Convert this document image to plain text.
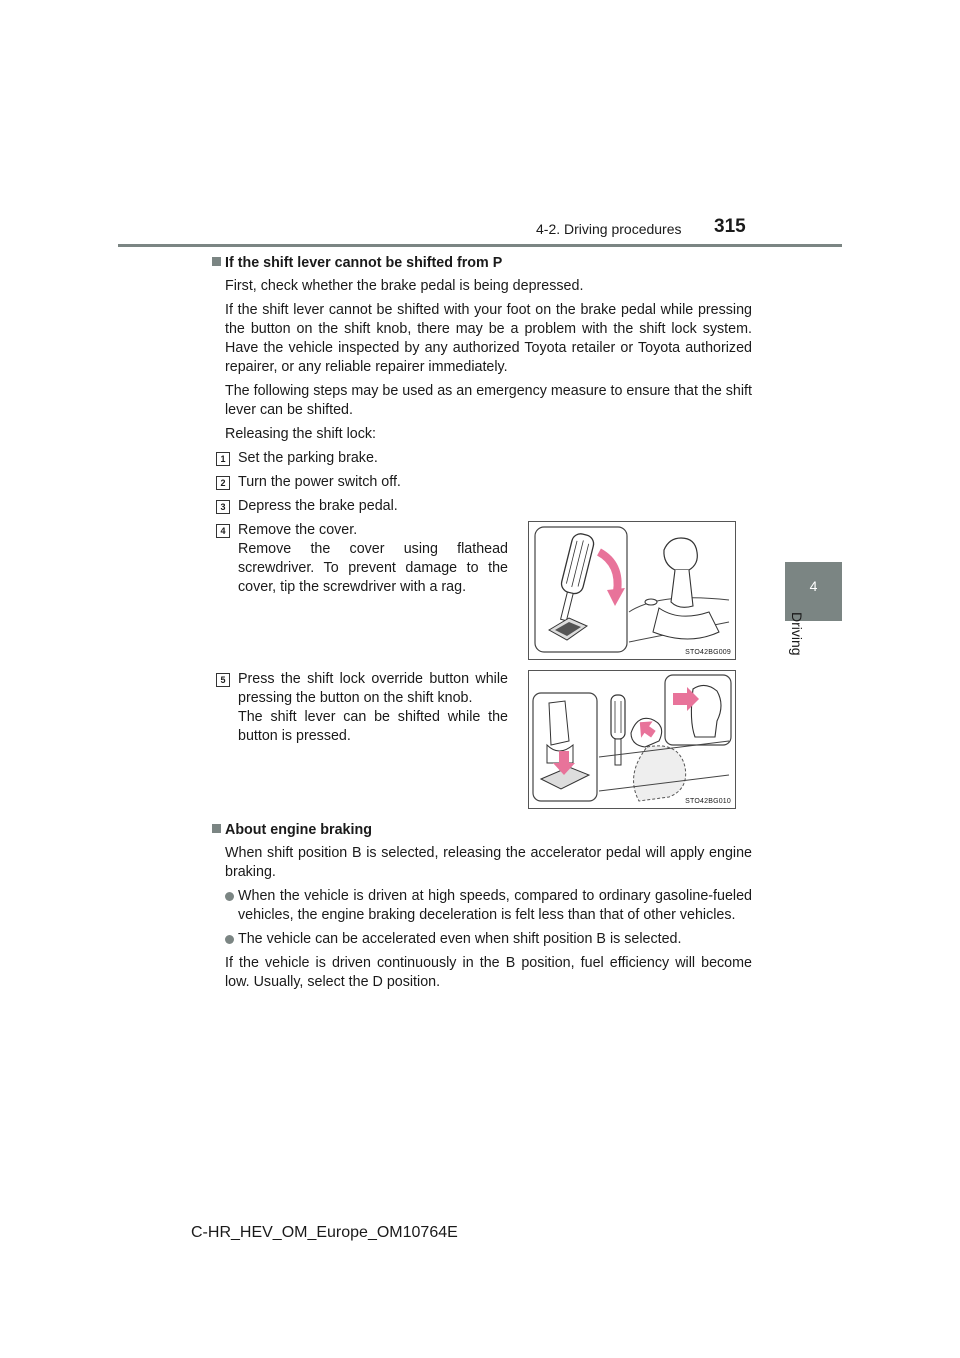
4-2. Driving procedures 315
4
Driving
If the shift lever cannot be shifted from P

First, check whether the brake pedal is being depressed.

If the shift lever cannot be shifted with your foot on the brake pedal while pressing the button on the shift knob, there may be a problem with the shift lock system. Have the vehicle inspected by any authorized Toyota retailer or Toyota authorized repairer, or any reliable repairer immediately.

The following steps may be used as an emergency measure to ensure that the shift lever can be shifted.

Releasing the shift lock:

1 Set the parking brake.
2 Turn the power switch off.
3 Depress the brake pedal.
4 Remove the cover.
Remove the cover using flathead screwdriver. To prevent damage to the cover, tip the screwdriver with a rag.
STO42BG009
5 Press the shift lock override button while pressing the button on the shift knob.
The shift lever can be shifted while the button is pressed.
STO42BG010
About engine braking

When shift position B is selected, releasing the accelerator pedal will apply engine braking.

When the vehicle is driven at high speeds, compared to ordinary gasoline-fueled vehicles, the engine braking deceleration is felt less than that of other vehicles.
The vehicle can be accelerated even when shift position B is selected.

If the vehicle is driven continuously in the B position, fuel efficiency will become low. Usually, select the D position.

C-HR_HEV_OM_Europe_OM10764E
